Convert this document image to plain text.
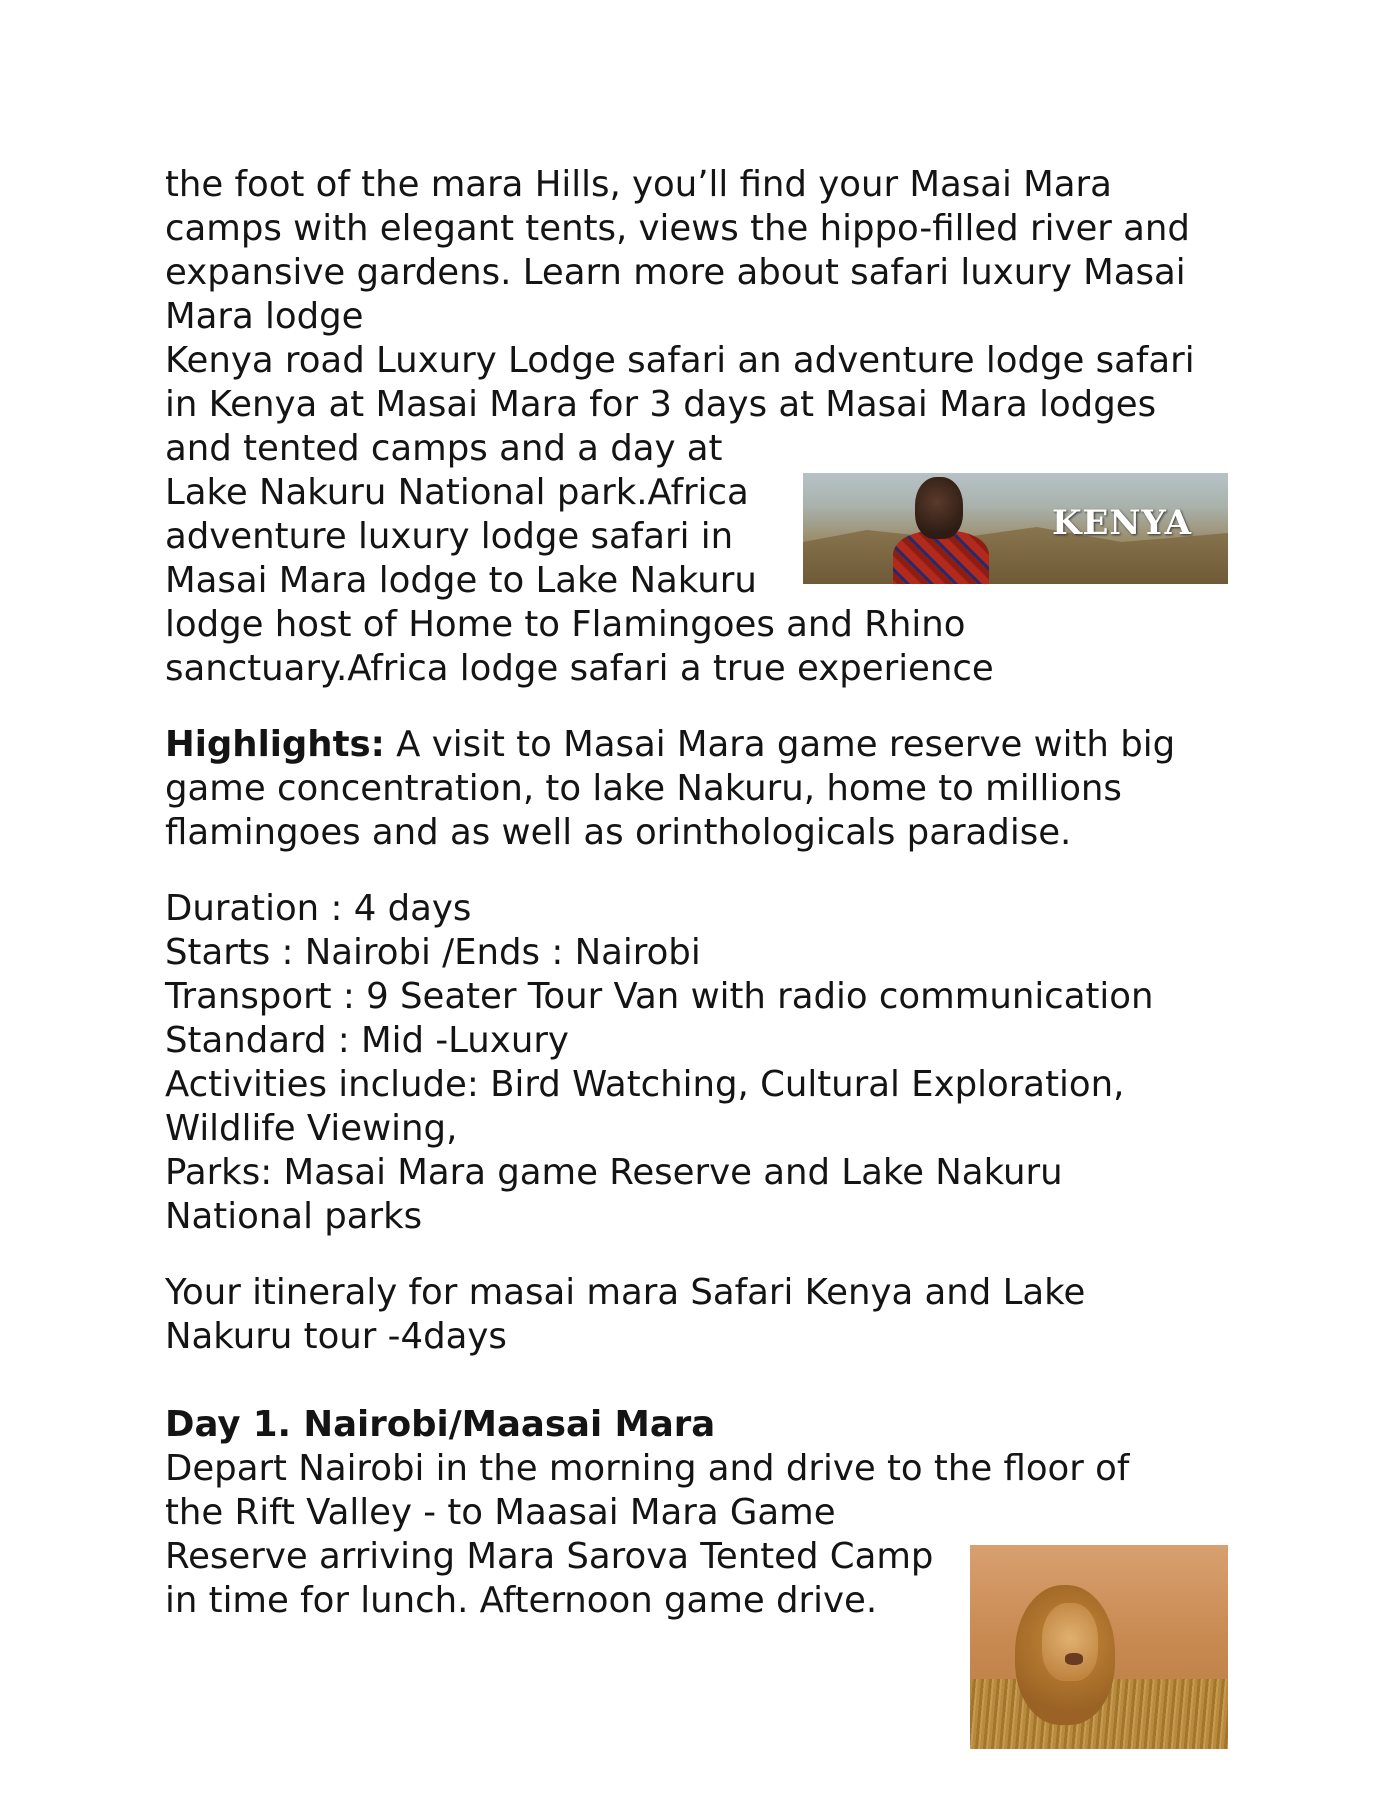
the foot of the mara Hills, you’ll find your Masai Mara
camps with elegant tents, views the hippo-filled river and
expansive gardens. Learn more about safari luxury Masai
Mara lodge
Kenya road Luxury Lodge safari an adventure lodge safari
in Kenya at Masai Mara for 3 days at Masai Mara lodges
and tented camps and a day at
Lake Nakuru National park.Africa
adventure luxury lodge safari in
Masai Mara lodge to Lake Nakuru
lodge host of Home to Flamingoes and Rhino
sanctuary.Africa lodge safari a true experience

Highlights: A visit to Masai Mara game reserve with big
game concentration, to lake Nakuru, home to millions
flamingoes and as well as orinthologicals paradise.

Duration : 4 days
Starts : Nairobi /Ends : Nairobi
Transport : 9 Seater Tour Van with radio communication
Standard : Mid -Luxury
Activities include: Bird Watching, Cultural Exploration,
Wildlife Viewing,
Parks: Masai Mara game Reserve and Lake Nakuru
National parks

Your itineraly for masai mara Safari Kenya and Lake
Nakuru tour -4days

Day 1. Nairobi/Maasai Mara
Depart Nairobi in the morning and drive to the floor of
the Rift Valley - to Maasai Mara Game
Reserve arriving Mara Sarova Tented Camp
in time for lunch. Afternoon game drive.

KENYA
